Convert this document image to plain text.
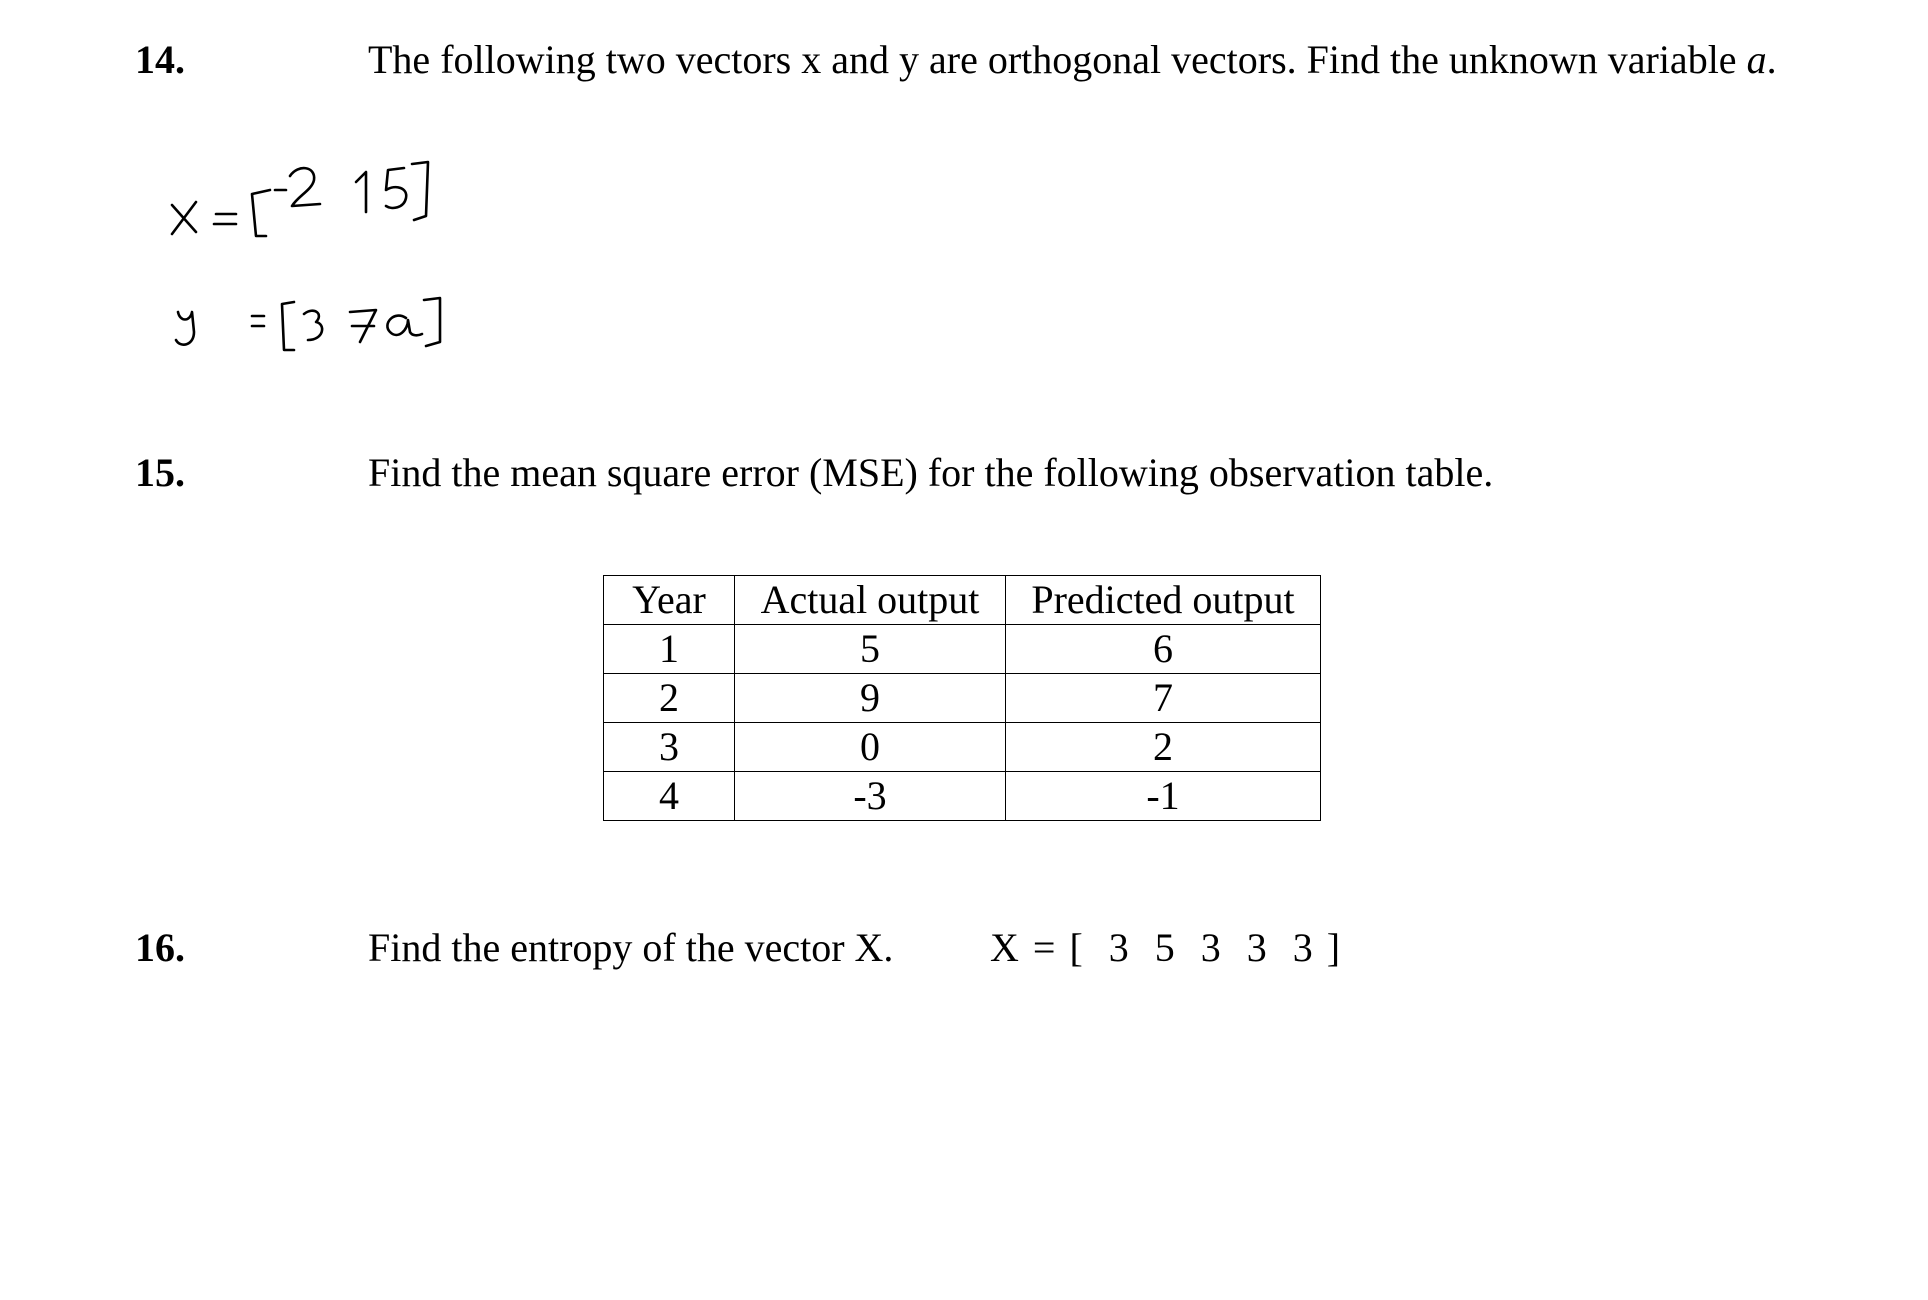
14.	The following two vectors x and y are orthogonal vectors. Find the unknown variable a.
15.	Find the mean square error (MSE) for the following observation table.
Year	Actual output	Predicted output
1	5	6
2	9	7
3	0	2
4	-3	-1
16.	Find the entropy of the vector X. X = [ 3 5 3 3 3 ]
